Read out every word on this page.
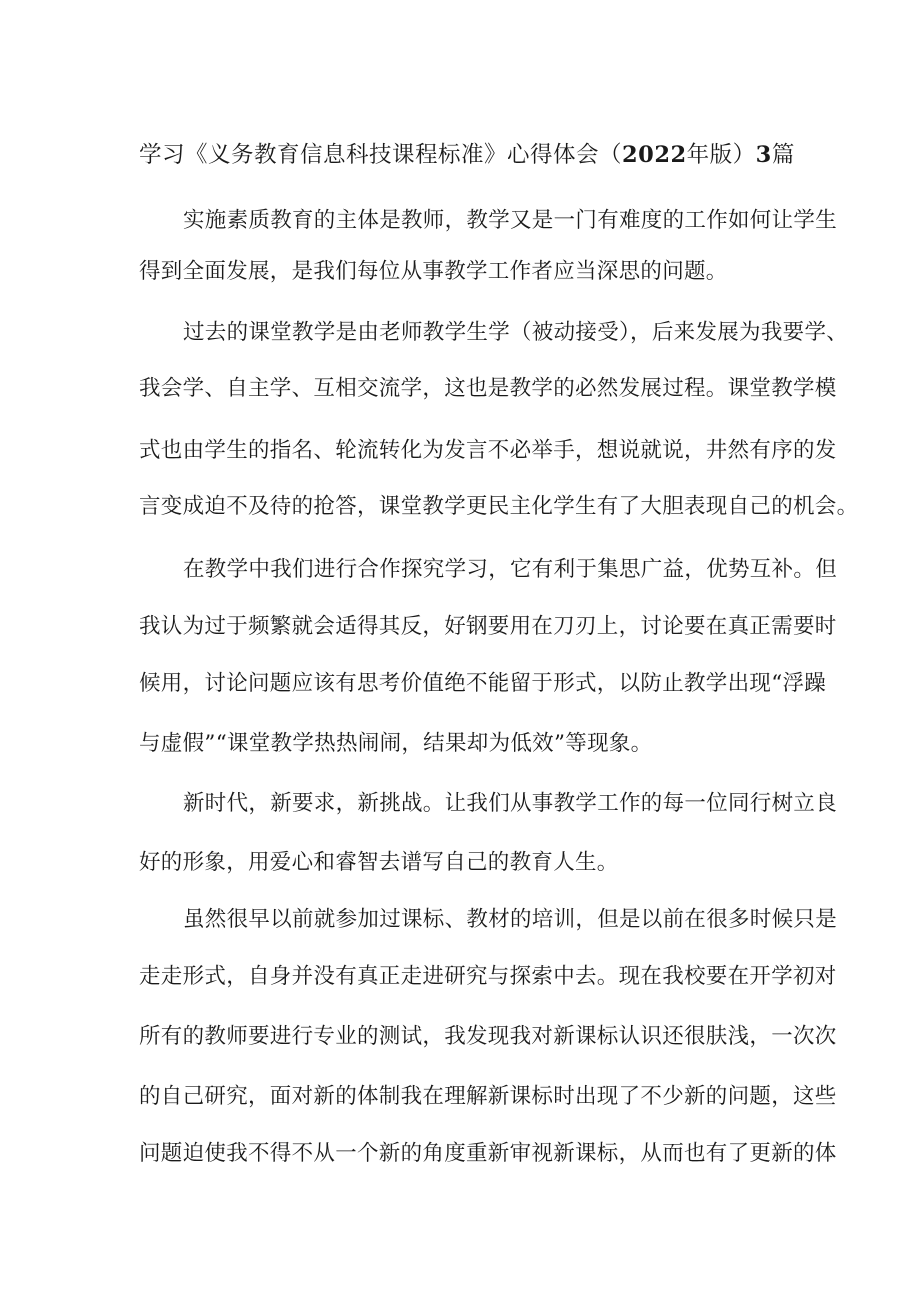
学习《义务教育信息科技课程标准》心得体会（2022年版）3篇
实施素质教育的主体是教师，教学又是一门有难度的工作如何让学生
得到全面发展，是我们每位从事教学工作者应当深思的问题。
过去的课堂教学是由老师教学生学（被动接受），后来发展为我要学、
我会学、自主学、互相交流学，这也是教学的必然发展过程。课堂教学模
式也由学生的指名、轮流转化为发言不必举手，想说就说，井然有序的发
言变成迫不及待的抢答，课堂教学更民主化学生有了大胆表现自己的机会。
在教学中我们进行合作探究学习，它有利于集思广益，优势互补。但
我认为过于频繁就会适得其反，好钢要用在刀刃上，讨论要在真正需要时
候用，讨论问题应该有思考价值绝不能留于形式，以防止教学出现“浮躁
与虚假”“课堂教学热热闹闹，结果却为低效”等现象。
新时代，新要求，新挑战。让我们从事教学工作的每一位同行树立良
好的形象，用爱心和睿智去谱写自己的教育人生。
虽然很早以前就参加过课标、教材的培训，但是以前在很多时候只是
走走形式，自身并没有真正走进研究与探索中去。现在我校要在开学初对
所有的教师要进行专业的测试，我发现我对新课标认识还很肤浅，一次次
的自己研究，面对新的体制我在理解新课标时出现了不少新的问题，这些
问题迫使我不得不从一个新的角度重新审视新课标，从而也有了更新的体
